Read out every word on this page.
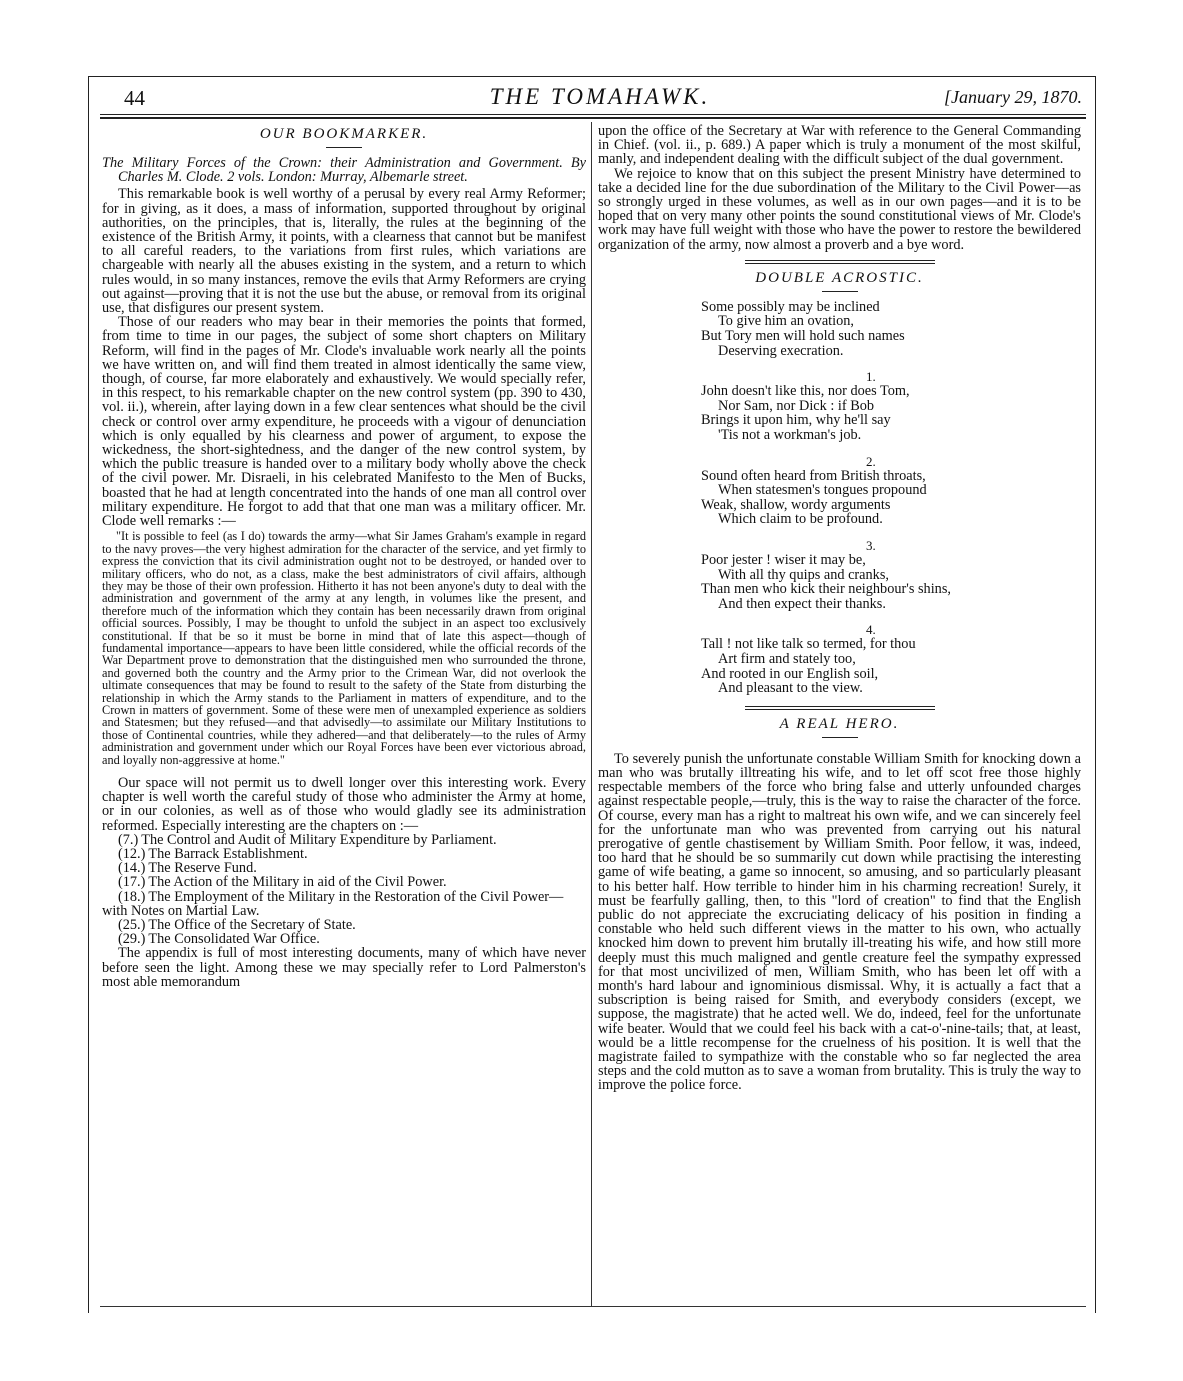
44	THE TOMAHAWK.	[January 29, 1870.
OUR BOOKMARKER.

The Military Forces of the Crown: their Administration and Government. By Charles M. Clode. 2 vols. London: Murray, Albemarle street.

This remarkable book is well worthy of a perusal by every real Army Reformer; for in giving, as it does, a mass of information, supported throughout by original authorities, on the principles, that is, literally, the rules at the beginning of the existence of the British Army, it points, with a clearness that cannot but be manifest to all careful readers, to the variations from first rules, which variations are chargeable with nearly all the abuses existing in the system, and a return to which rules would, in so many instances, remove the evils that Army Reformers are crying out against—proving that it is not the use but the abuse, or removal from its original use, that disfigures our present system.

Those of our readers who may bear in their memories the points that formed, from time to time in our pages, the subject of some short chapters on Military Reform, will find in the pages of Mr. Clode's invaluable work nearly all the points we have written on, and will find them treated in almost identically the same view, though, of course, far more elaborately and exhaustively. We would specially refer, in this respect, to his remarkable chapter on the new control system (pp. 390 to 430, vol. ii.), wherein, after laying down in a few clear sentences what should be the civil check or control over army expenditure, he proceeds with a vigour of denunciation which is only equalled by his clearness and power of argument, to expose the wickedness, the short-sightedness, and the danger of the new control system, by which the public treasure is handed over to a military body wholly above the check of the civil power. Mr. Disraeli, in his celebrated Manifesto to the Men of Bucks, boasted that he had at length concentrated into the hands of one man all control over military expenditure. He forgot to add that that one man was a military officer. Mr. Clode well remarks :—

"It is possible to feel (as I do) towards the army—what Sir James Graham's example in regard to the navy proves—the very highest admiration for the character of the service, and yet firmly to express the conviction that its civil administration ought not to be destroyed, or handed over to military officers, who do not, as a class, make the best administrators of civil affairs, although they may be those of their own profession. Hitherto it has not been anyone's duty to deal with the administration and government of the army at any length, in volumes like the present, and therefore much of the information which they contain has been necessarily drawn from original official sources. Possibly, I may be thought to unfold the subject in an aspect too exclusively constitutional. If that be so it must be borne in mind that of late this aspect—though of fundamental importance—appears to have been little considered, while the official records of the War Department prove to demonstration that the distinguished men who surrounded the throne, and governed both the country and the Army prior to the Crimean War, did not overlook the ultimate consequences that may be found to result to the safety of the State from disturbing the relationship in which the Army stands to the Parliament in matters of expenditure, and to the Crown in matters of government. Some of these were men of unexampled experience as soldiers and Statesmen; but they refused—and that advisedly—to assimilate our Military Institutions to those of Continental countries, while they adhered—and that deliberately—to the rules of Army administration and government under which our Royal Forces have been ever victorious abroad, and loyally non-aggressive at home."

Our space will not permit us to dwell longer over this interesting work. Every chapter is well worth the careful study of those who administer the Army at home, or in our colonies, as well as of those who would gladly see its administration reformed. Especially interesting are the chapters on :—

(7.) The Control and Audit of Military Expenditure by Parliament.

(12.) The Barrack Establishment.

(14.) The Reserve Fund.

(17.) The Action of the Military in aid of the Civil Power.

(18.) The Employment of the Military in the Restoration of the Civil Power—with Notes on Martial Law.

(25.) The Office of the Secretary of State.

(29.) The Consolidated War Office.

The appendix is full of most interesting documents, many of which have never before seen the light. Among these we may specially refer to Lord Palmerston's most able memorandum

upon the office of the Secretary at War with reference to the General Commanding in Chief. (vol. ii., p. 689.) A paper which is truly a monument of the most skilful, manly, and independent dealing with the difficult subject of the dual government.

We rejoice to know that on this subject the present Ministry have determined to take a decided line for the due subordination of the Military to the Civil Power—as so strongly urged in these volumes, as well as in our own pages—and it is to be hoped that on very many other points the sound constitutional views of Mr. Clode's work may have full weight with those who have the power to restore the bewildered organization of the army, now almost a proverb and a bye word.

DOUBLE ACROSTIC.
Some possibly may be inclined
To give him an ovation,
But Tory men will hold such names
Deserving execration.
1.
John doesn't like this, nor does Tom,
Nor Sam, nor Dick : if Bob
Brings it upon him, why he'll say
'Tis not a workman's job.
2.
Sound often heard from British throats,
When statesmen's tongues propound
Weak, shallow, wordy arguments
Which claim to be profound.
3.
Poor jester ! wiser it may be,
With all thy quips and cranks,
Than men who kick their neighbour's shins,
And then expect their thanks.
4.
Tall ! not like talk so termed, for thou
Art firm and stately too,
And rooted in our English soil,
And pleasant to the view.
A REAL HERO.

To severely punish the unfortunate constable William Smith for knocking down a man who was brutally illtreating his wife, and to let off scot free those highly respectable members of the force who bring false and utterly unfounded charges against respectable people,—truly, this is the way to raise the character of the force. Of course, every man has a right to maltreat his own wife, and we can sincerely feel for the unfortunate man who was prevented from carrying out his natural prerogative of gentle chastisement by William Smith. Poor fellow, it was, indeed, too hard that he should be so summarily cut down while practising the interesting game of wife beating, a game so innocent, so amusing, and so particularly pleasant to his better half. How terrible to hinder him in his charming recreation! Surely, it must be fearfully galling, then, to this "lord of creation" to find that the English public do not appreciate the excruciating delicacy of his position in finding a constable who held such different views in the matter to his own, who actually knocked him down to prevent him brutally ill-treating his wife, and how still more deeply must this much maligned and gentle creature feel the sympathy expressed for that most uncivilized of men, William Smith, who has been let off with a month's hard labour and ignominious dismissal. Why, it is actually a fact that a subscription is being raised for Smith, and everybody considers (except, we suppose, the magistrate) that he acted well. We do, indeed, feel for the unfortunate wife beater. Would that we could feel his back with a cat-o'-nine-tails; that, at least, would be a little recompense for the cruelness of his position. It is well that the magistrate failed to sympathize with the constable who so far neglected the area steps and the cold mutton as to save a woman from brutality. This is truly the way to improve the police force.
